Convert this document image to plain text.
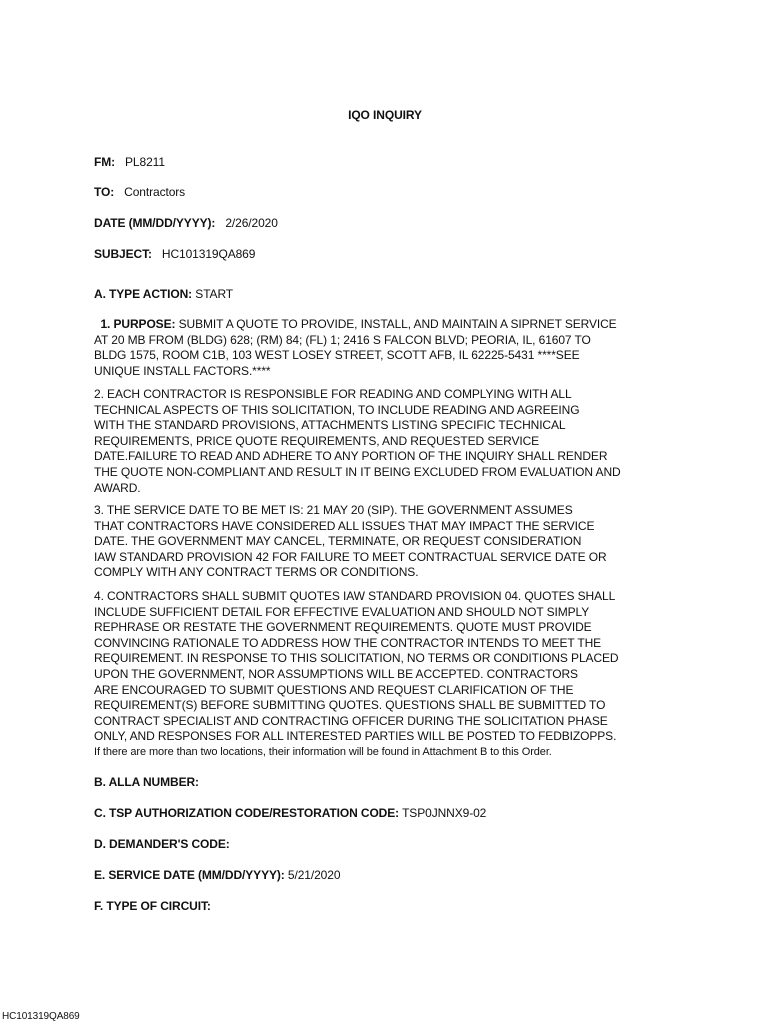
IQO INQUIRY
FM: PL8211
TO: Contractors
DATE (MM/DD/YYYY): 2/26/2020
SUBJECT: HC101319QA869
A. TYPE ACTION: START
1. PURPOSE: SUBMIT A QUOTE TO PROVIDE, INSTALL, AND MAINTAIN A SIPRNET SERVICE
AT 20 MB FROM (BLDG) 628; (RM) 84; (FL) 1; 2416 S FALCON BLVD; PEORIA, IL, 61607 TO
BLDG 1575, ROOM C1B, 103 WEST LOSEY STREET, SCOTT AFB, IL 62225-5431 ****SEE
UNIQUE INSTALL FACTORS.****
2. EACH CONTRACTOR IS RESPONSIBLE FOR READING AND COMPLYING WITH ALL
TECHNICAL ASPECTS OF THIS SOLICITATION, TO INCLUDE READING AND AGREEING
WITH THE STANDARD PROVISIONS, ATTACHMENTS LISTING SPECIFIC TECHNICAL
REQUIREMENTS, PRICE QUOTE REQUIREMENTS, AND REQUESTED SERVICE
DATE.FAILURE TO READ AND ADHERE TO ANY PORTION OF THE INQUIRY SHALL RENDER
THE QUOTE NON-COMPLIANT AND RESULT IN IT BEING EXCLUDED FROM EVALUATION AND
AWARD.
3. THE SERVICE DATE TO BE MET IS: 21 MAY 20 (SIP). THE GOVERNMENT ASSUMES
THAT CONTRACTORS HAVE CONSIDERED ALL ISSUES THAT MAY IMPACT THE SERVICE
DATE. THE GOVERNMENT MAY CANCEL, TERMINATE, OR REQUEST CONSIDERATION
IAW STANDARD PROVISION 42 FOR FAILURE TO MEET CONTRACTUAL SERVICE DATE OR
COMPLY WITH ANY CONTRACT TERMS OR CONDITIONS.
4. CONTRACTORS SHALL SUBMIT QUOTES IAW STANDARD PROVISION 04. QUOTES SHALL
INCLUDE SUFFICIENT DETAIL FOR EFFECTIVE EVALUATION AND SHOULD NOT SIMPLY
REPHRASE OR RESTATE THE GOVERNMENT REQUIREMENTS. QUOTE MUST PROVIDE
CONVINCING RATIONALE TO ADDRESS HOW THE CONTRACTOR INTENDS TO MEET THE
REQUIREMENT. IN RESPONSE TO THIS SOLICITATION, NO TERMS OR CONDITIONS PLACED
UPON THE GOVERNMENT, NOR ASSUMPTIONS WILL BE ACCEPTED. CONTRACTORS
ARE ENCOURAGED TO SUBMIT QUESTIONS AND REQUEST CLARIFICATION OF THE
REQUIREMENT(S) BEFORE SUBMITTING QUOTES. QUESTIONS SHALL BE SUBMITTED TO
CONTRACT SPECIALIST AND CONTRACTING OFFICER DURING THE SOLICITATION PHASE
ONLY, AND RESPONSES FOR ALL INTERESTED PARTIES WILL BE POSTED TO FEDBIZOPPS.
If there are more than two locations, their information will be found in Attachment B to this Order.
B. ALLA NUMBER:
C. TSP AUTHORIZATION CODE/RESTORATION CODE: TSP0JNNX9-02
D. DEMANDER'S CODE:
E. SERVICE DATE (MM/DD/YYYY): 5/21/2020
F. TYPE OF CIRCUIT:
HC101319QA869
